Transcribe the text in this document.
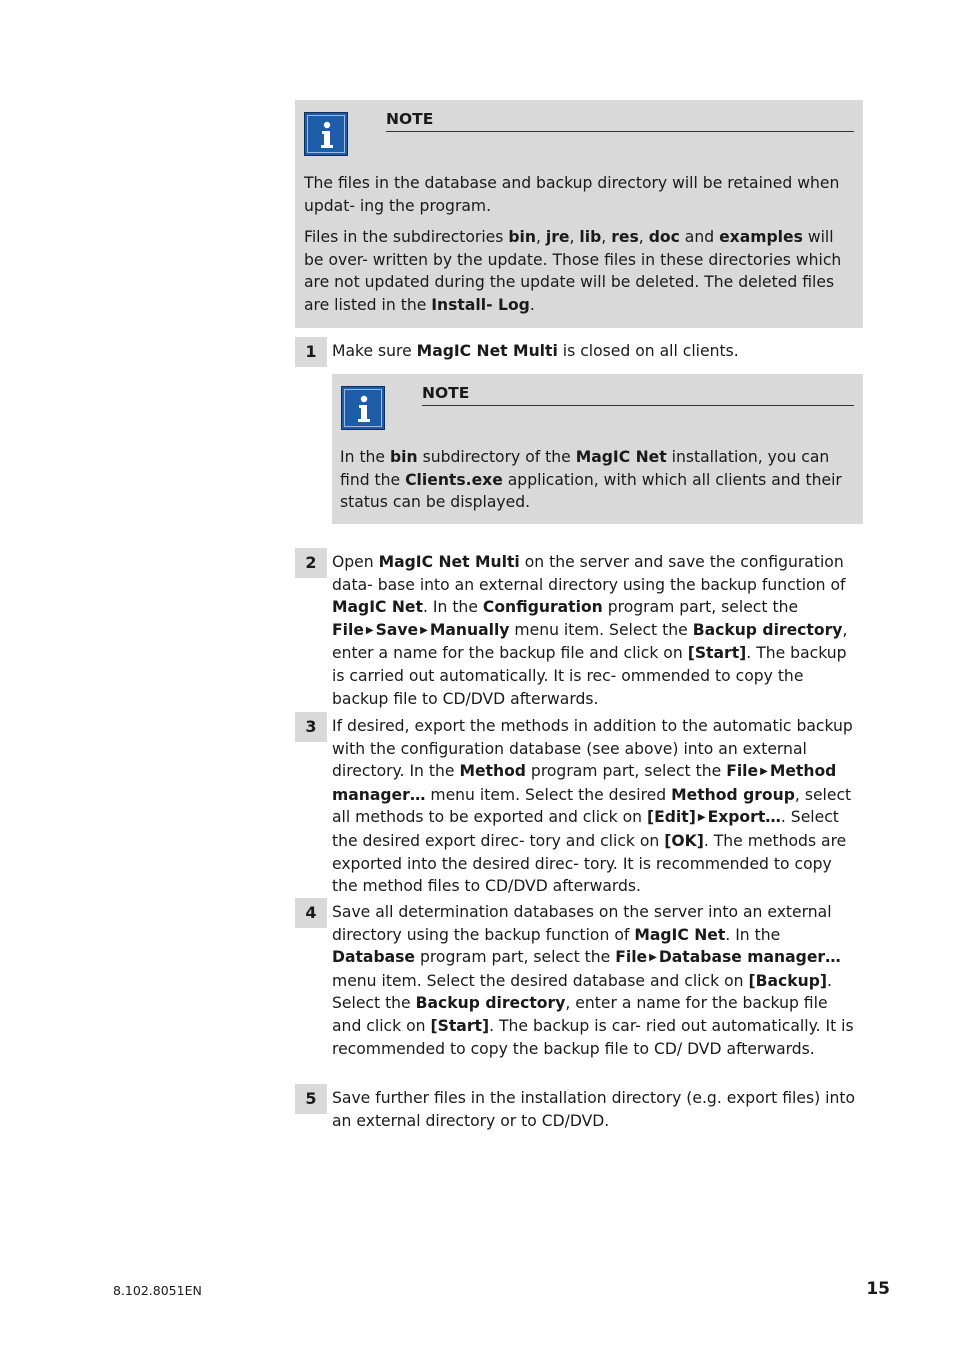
NOTE

The files in the database and backup directory will be retained when updat- ing the program.

Files in the subdirectories bin, jre, lib, res, doc and examples will be over- written by the update. Those files in these directories which are not updated during the update will be deleted. The deleted files are listed in the Install- Log.

1 Make sure MagIC Net Multi is closed on all clients.
NOTE

In the bin subdirectory of the MagIC Net installation, you can find the Clients.exe application, with which all clients and their status can be displayed.

2 Open MagIC Net Multi on the server and save the configuration data- base into an external directory using the backup function of MagIC Net. In the Configuration program part, select the File ▶ Save ▶ Manually menu item. Select the Backup directory, enter a name for the backup file and click on [Start]. The backup is carried out automatically. It is rec- ommended to copy the backup file to CD/DVD afterwards.
3 If desired, export the methods in addition to the automatic backup with the configuration database (see above) into an external directory. In the Method program part, select the File ▶ Method manager… menu item. Select the desired Method group, select all methods to be exported and click on [Edit] ▶ Export…. Select the desired export direc- tory and click on [OK]. The methods are exported into the desired direc- tory. It is recommended to copy the method files to CD/DVD afterwards.
4 Save all determination databases on the server into an external directory using the backup function of MagIC Net. In the Database program part, select the File ▶ Database manager… menu item. Select the desired database and click on [Backup]. Select the Backup directory, enter a name for the backup file and click on [Start]. The backup is car- ried out automatically. It is recommended to copy the backup file to CD/ DVD afterwards.
5 Save further files in the installation directory (e.g. export files) into an external directory or to CD/DVD.
8.102.8051EN	15
